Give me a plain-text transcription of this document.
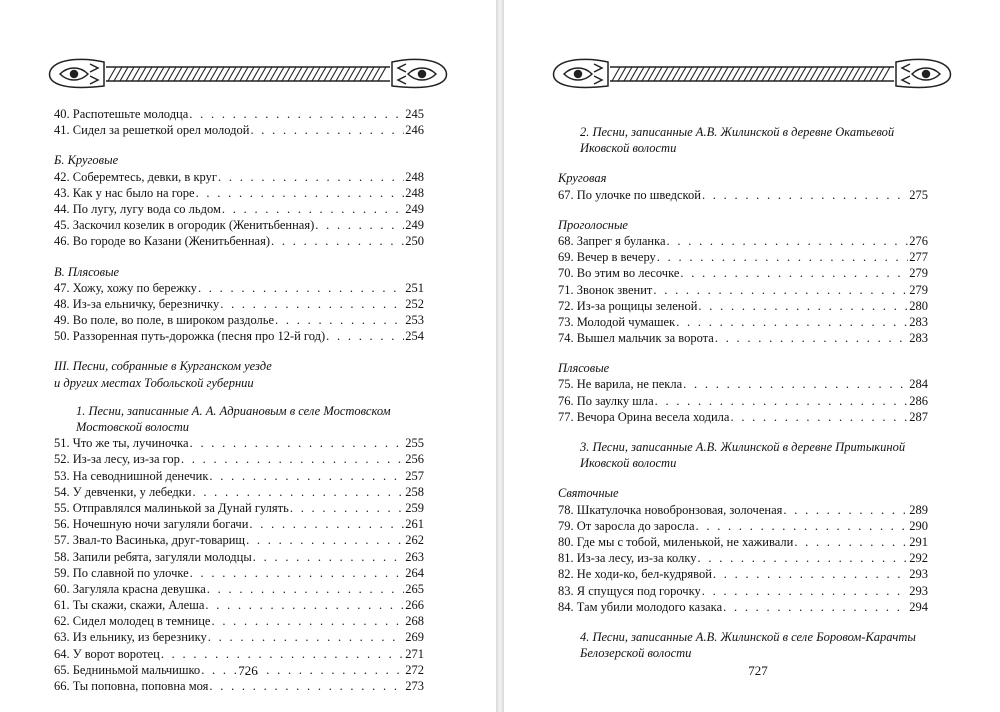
40. Распотешьте молодца . . .	245
41. Сидел за решеткой орел молодой . . .	246
Б. Круговые
42. Соберемтесь, девки, в круг . . .	248
43. Как у нас было на горе . . .	248
44. По лугу, лугу вода со льдом . . .	249
45. Заскочил козелик в огородик (Женитьбенная) . . .	249
46. Во городе во Казани (Женитьбенная) . . .	250
В. Плясовые
47. Хожу, хожу по бережку . . .	251
48. Из-за ельничку, березничку . . .	252
49. Во поле, во поле, в широком раздолье . . .	253
50. Раззоренная путь-дорожка (песня про 12-й год) . . .	254
III. Песни, собранные в Курганском уезде
и других местах Тобольской губернии
1. Песни, записанные А. А. Адриановым в селе Мостовском
Мостовской волости
51. Что же ты, лучиночка . . .	255
52. Из-за лесу, из-за гор . . .	256
53. На севоднишной денечик . . .	257
54. У девченки, у лебедки . . .	258
55. Отправлялся малинькой за Дунай гулять . . .	259
56. Ночешную ночи загуляли богачи . . .	261
57. Звал-то Васинька, друг-товарищ . . .	262
58. Запили ребята, загуляли молодцы . . .	263
59. По славной по улочке . . .	264
60. Загуляла красна девушка . . .	265
61. Ты скажи, скажи, Алеша . . .	266
62. Сидел молодец в темнице . . .	268
63. Из ельнику, из березнику . . .	269
64. У ворот воротец . . .	271
65. Бедниньмой мальчишко . . .	272
66. Ты поповна, поповна моя . . .	273
726
2. Песни, записанные А.В. Жилинской в деревне Окатьевой
Иковской волости
Круговая
67. По улочке по шведской . . .	275
Проголосные
68. Запрег я буланка . . .	276
69. Вечер в вечеру . . .	277
70. Во этим во лесочке . . .	279
71. Звонок звенит . . .	279
72. Из-за рощицы зеленой . . .	280
73. Молодой чумашек . . .	283
74. Вышел мальчик за ворота . . .	283
Плясовые
75. Не варила, не пекла . . .	284
76. По заулку шла . . .	286
77. Вечора Орина весела ходила . . .	287
3. Песни, записанные А.В. Жилинской в деревне Притыкиной
Иковской волости
Святочные
78. Шкатулочка новобронзовая, золоченая . . .	289
79. От заросла до заросла . . .	290
80. Где мы с тобой, миленькой, не хаживали . . .	291
81. Из-за лесу, из-за колку . . .	292
82. Не ходи-ко, бел-кудрявой . . .	293
83. Я спущуся под горочку . . .	293
84. Там убили молодого казака . . .	294
4. Песни, записанные А.В. Жилинской в селе Боровом-Карачты
Белозерской волости
727
